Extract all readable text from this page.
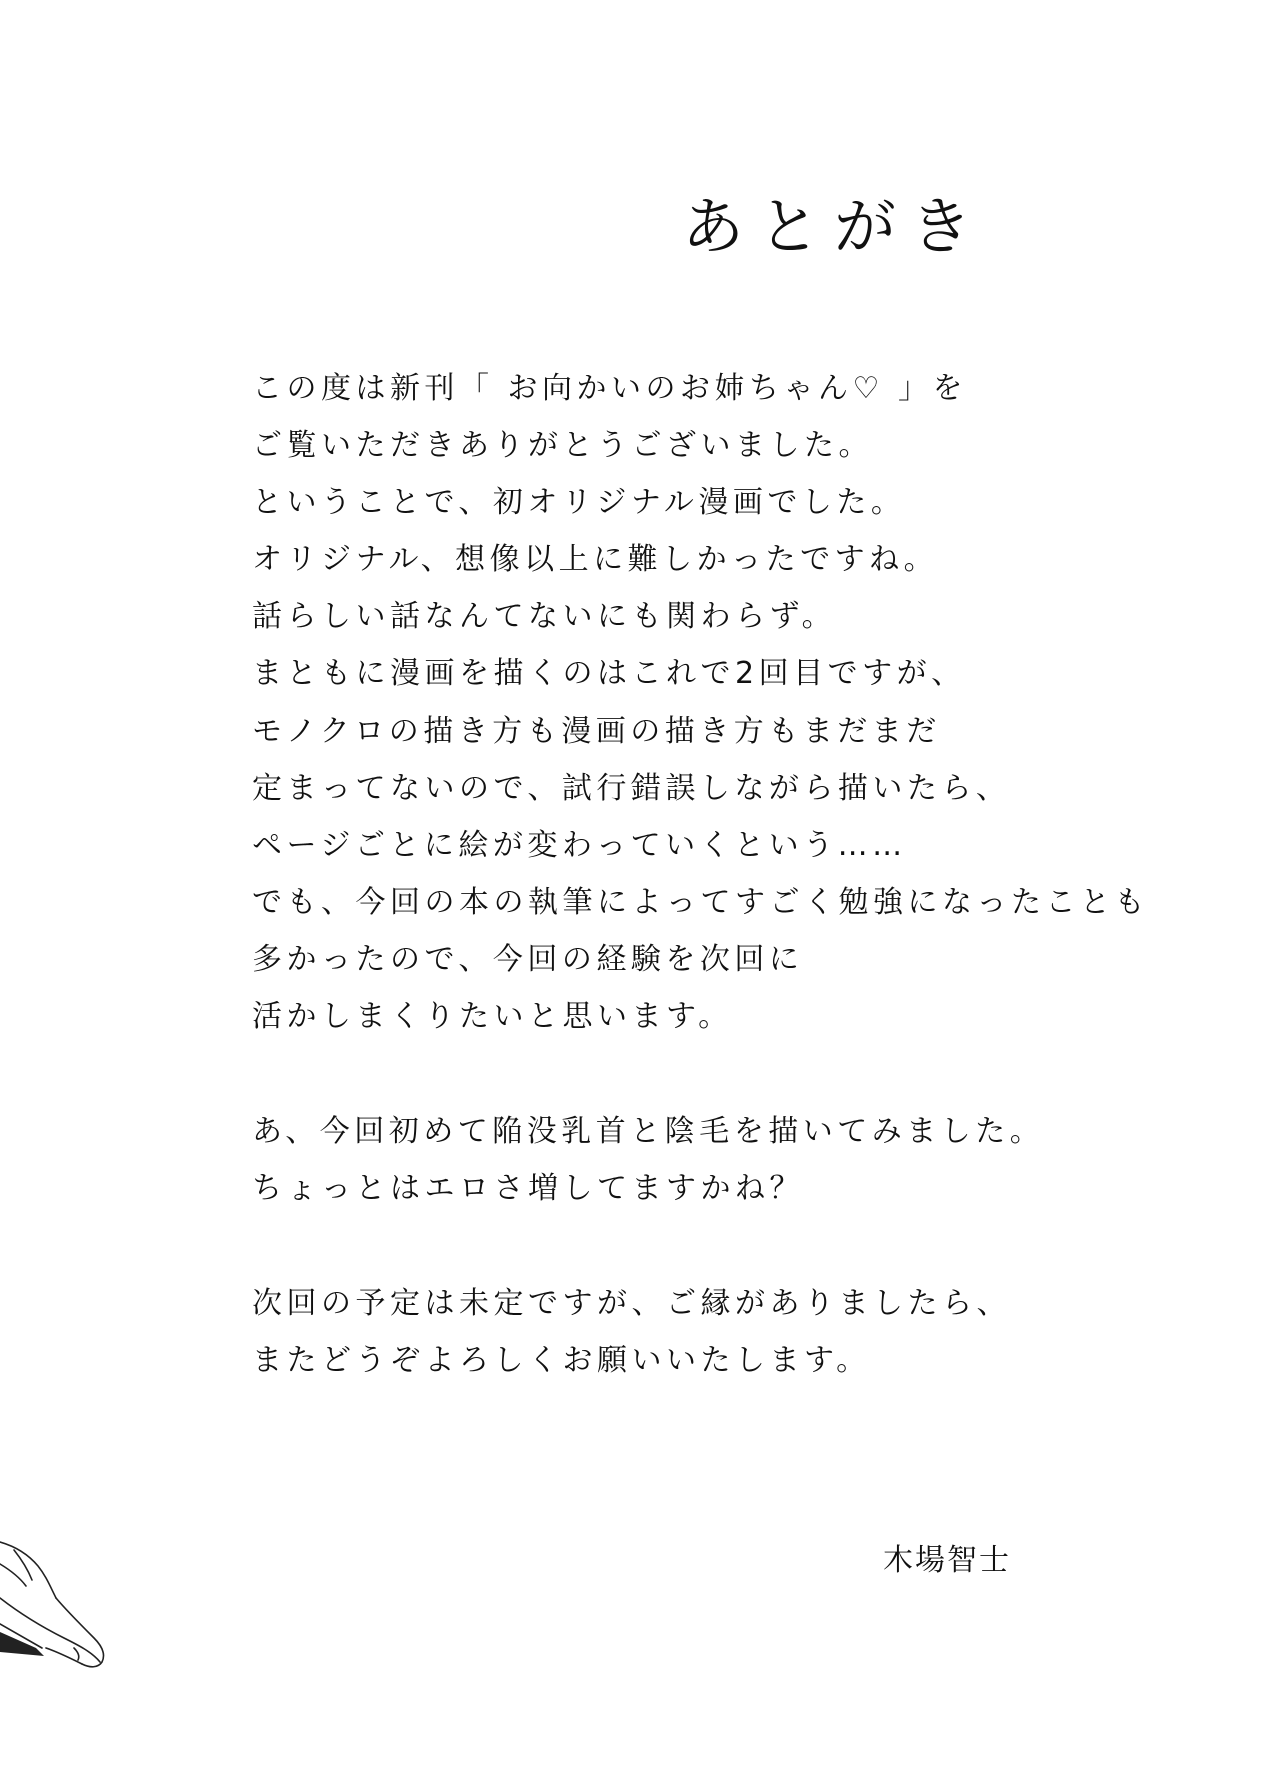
あとがき
この度は新刊「 お向かいのお姉ちゃん♡ 」を
ご覧いただきありがとうございました。
ということで、初オリジナル漫画でした。
オリジナル、想像以上に難しかったですね。
話らしい話なんてないにも関わらず。
まともに漫画を描くのはこれで2回目ですが、
モノクロの描き方も漫画の描き方もまだまだ
定まってないので、試行錯誤しながら描いたら、
ページごとに絵が変わっていくという……
でも、今回の本の執筆によってすごく勉強になったことも
多かったので、今回の経験を次回に
活かしまくりたいと思います。
あ、今回初めて陥没乳首と陰毛を描いてみました。
ちょっとはエロさ増してますかね？
次回の予定は未定ですが、ご縁がありましたら、
またどうぞよろしくお願いいたします。
木場智士
